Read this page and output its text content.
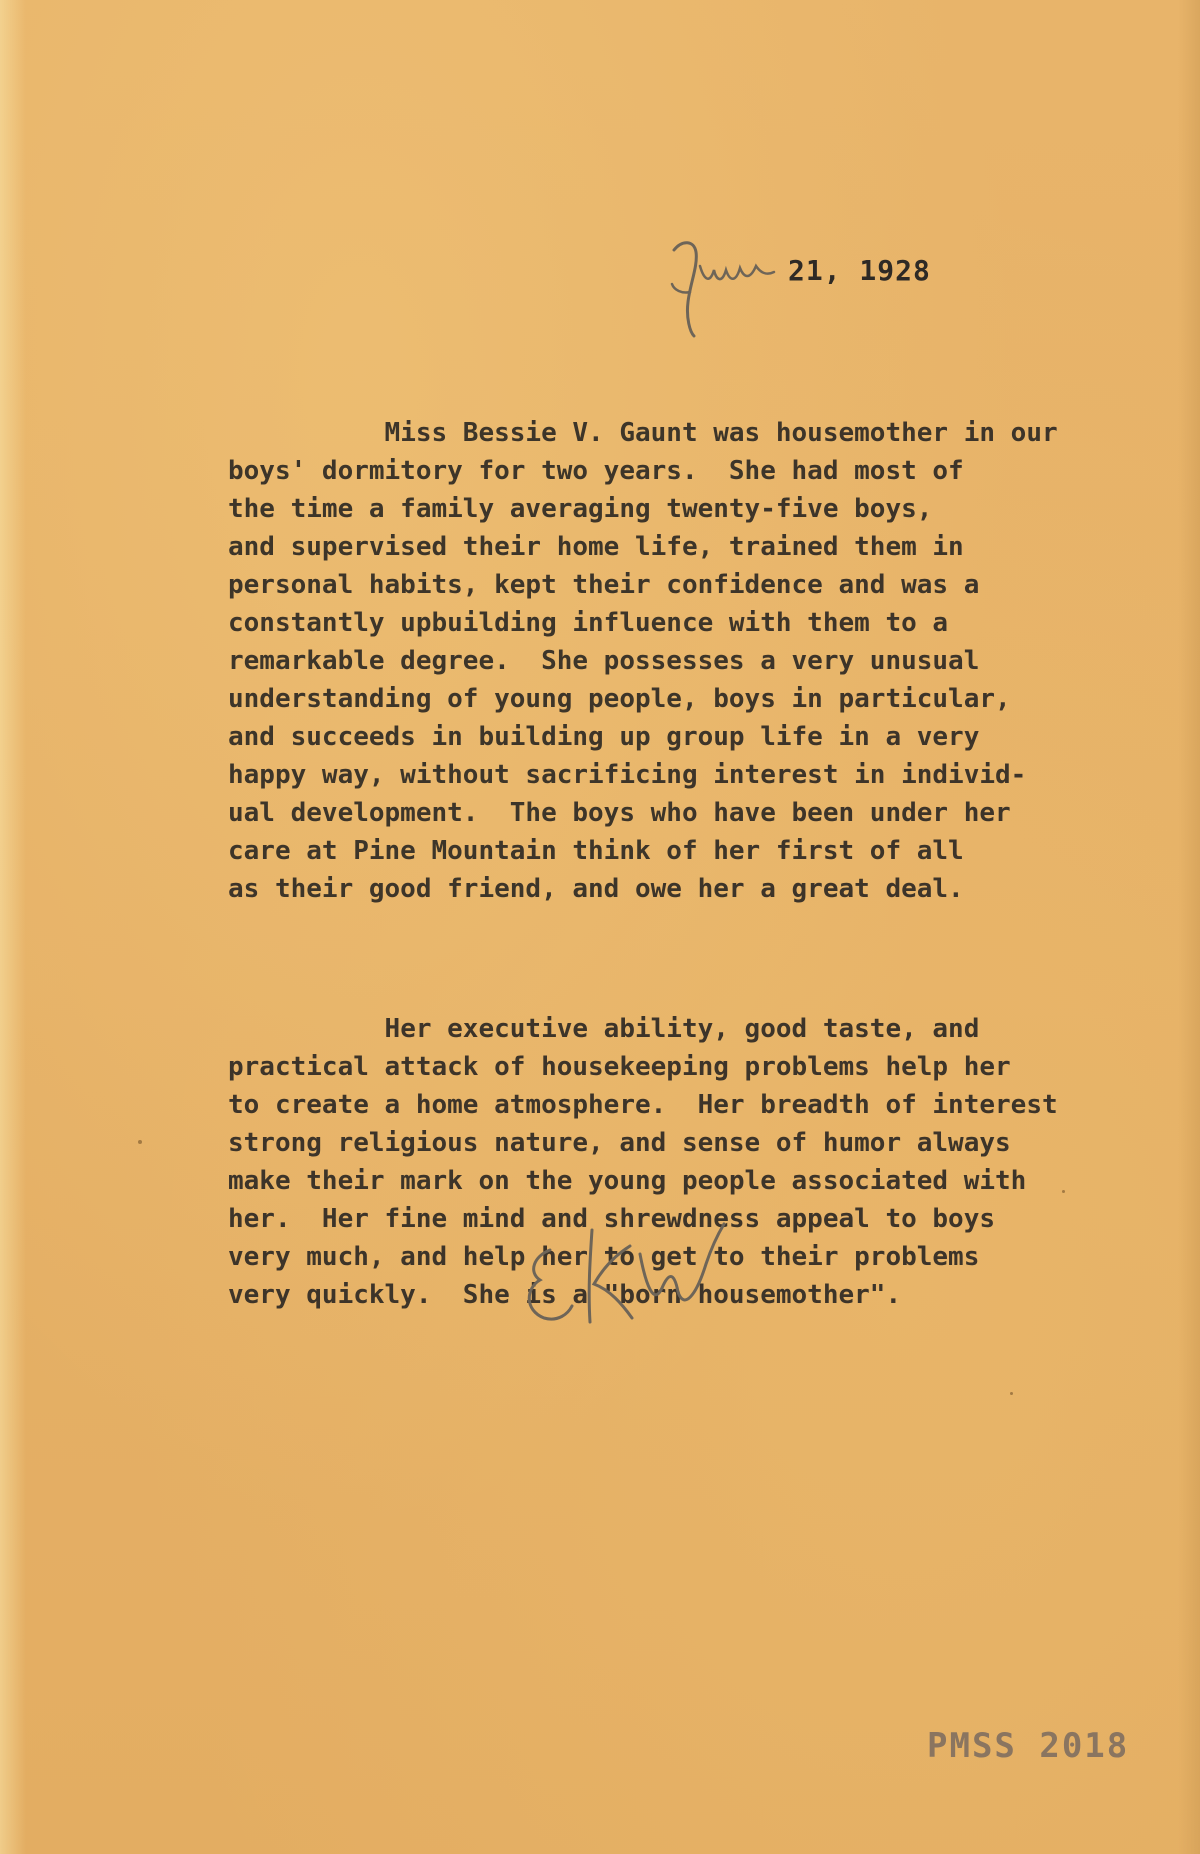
21, 1928

Miss Bessie V. Gaunt was housemother in our
boys' dormitory for two years.  She had most of
the time a family averaging twenty-five boys,
and supervised their home life, trained them in
personal habits, kept their confidence and was a
constantly upbuilding influence with them to a
remarkable degree.  She possesses a very unusual
understanding of young people, boys in particular,
and succeeds in building up group life in a very
happy way, without sacrificing interest in individ-
ual development.  The boys who have been under her
care at Pine Mountain think of her first of all
as their good friend, and owe her a great deal.

Her executive ability, good taste, and
practical attack of housekeeping problems help her
to create a home atmosphere.  Her breadth of interest
strong religious nature, and sense of humor always
make their mark on the young people associated with
her.  Her fine mind and shrewdness appeal to boys
very much, and help her to get to their problems
very quickly.  She is a "born housemother".

PMSS 2018
